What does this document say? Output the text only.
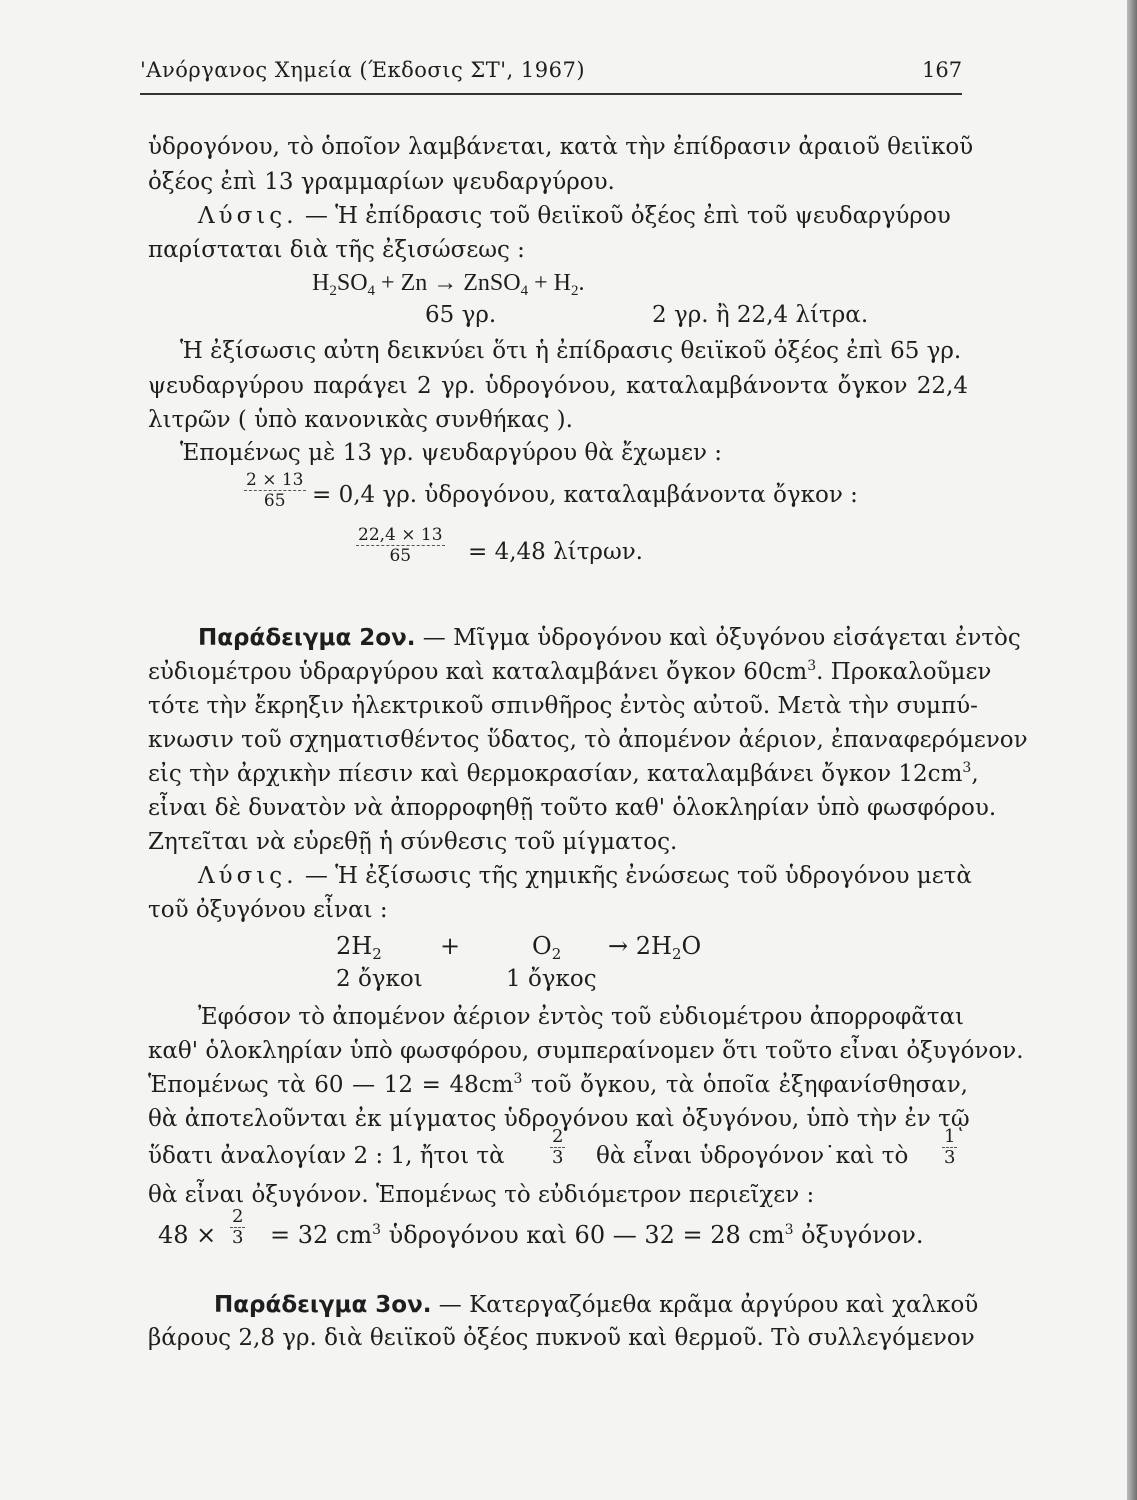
'Ανόργανος Χημεία (Έκδοσις ΣΤ', 1967)	167
ὑδρογόνου, τὸ ὁποῖον λαμβάνεται, κατὰ τὴν ἐπίδρασιν ἀραιοῦ θειϊκοῦ
ὀξέος ἐπὶ 13 γραμμαρίων ψευδαργύρου.
Λύσις. — Ἡ ἐπίδρασις τοῦ θειϊκοῦ ὀξέος ἐπὶ τοῦ ψευδαργύρου
παρίσταται διὰ τῆς ἐξισώσεως :
$H_2SO_4 + Zn$ → ZnSO$_4$ + $H_2$.
65 γρ.	2 γρ. ἢ 22,4 λίτρα.
Ἡ ἐξίσωσις αὐτη δεικνύει ὅτι ἡ ἐπίδρασις θειϊκοῦ ὀξέος ἐπὶ 65 γρ.
ψευδαργύρου παράγει 2 γρ. ὑδρογόνου, καταλαμβάνοντα ὄγκον 22,4
λιτρῶν ( ὑπὸ κανονικὰς συνθήκας ).
Ἑπομένως μὲ 13 γρ. ψευδαργύρου θὰ ἔχωμεν :
$\frac{2 \times 13}{65} = 0,4$ γρ. ὑδρογόνου, καταλαμβάνοντα ὄγκον :
$\frac{22,4 \times 13}{65} = 4,48$ λίτρων.
Παράδειγμα 2ον. — Μῖγμα ὑδρογόνου καὶ ὀξυγόνου εἰσάγεται ἐντὸς
εὐδιομέτρου ὑδραργύρου καὶ καταλαμβάνει ὄγκον $60cm^3$. Προκαλοῦμεν
τότε τὴν ἔκρηξιν ἠλεκτρικοῦ σπινθῆρος ἐντὸς αὐτοῦ. Μετὰ τὴν συμπύ-
κνωσιν τοῦ σχηματισθέντος ὕδατος, τὸ ἀπομένον ἀέριον, ἐπαναφερόμενον
εἰς τὴν ἀρχικὴν πίεσιν καὶ θερμοκρασίαν, καταλαμβάνει ὄγκον $12cm^3$,
εἶναι δὲ δυνατὸν νὰ ἀπορροφηθῇ τοῦτο καθ' ὁλοκληρίαν ὑπὸ φωσφόρου.
Ζητεῖται νὰ εὑρεθῇ ἡ σύνθεσις τοῦ μίγματος.
Λύσις. — Ἡ ἐξίσωσις τῆς χημικῆς ἐνώσεως τοῦ ὑδρογόνου μετὰ
τοῦ ὀξυγόνου εἶναι :
$2H_2$ +	$O_2 \to 2H_2O$
2 ὄγκοι	1 ὄγκος
Ἐφόσον τὸ ἀπομένον ἀέριον ἐντὸς τοῦ εὐδιομέτρου ἀπορροφᾶται
καθ' ὁλοκληρίαν ὑπὸ φωσφόρου, συμπεραίνομεν ὅτι τοῦτο εἶναι ὀξυγόνον.
Ἑπομένως τὰ 60 — $12 = 48cm^3$ τοῦ ὄγκου, τὰ ὁποῖα ἐξηφανίσθησαν,
θὰ ἀποτελοῦνται ἐκ μίγματος ὑδρογόνου καὶ ὀξυγόνου, ὑπὸ τὴν ἐν τῷ
ὕδατι ἀναλογίαν 2 : 1, ἤτοι τὰ	$\frac{2}{3}$ θὰ εἶναι ὑδρογόνον˙καὶ τὸ $\frac{1}{3}$
θὰ εἶναι ὀξυγόνον. Ἑπομένως τὸ εὐδιόμετρον περιεῖχεν :
$48 \times \frac{2}{3} = 32$ $cm^3$ ὑδρογόνου καὶ 60 — 32 = 28 $cm^3$ ὀξυγόνον.
Παράδειγμα 3ον. — Κατεργαζόμεθα κρᾶμα ἀργύρου καὶ χαλκοῦ
βάρους 2,8 γρ. διὰ θειϊκοῦ ὀξέος πυκνοῦ καὶ θερμοῦ. Τὸ συλλεγόμενον
